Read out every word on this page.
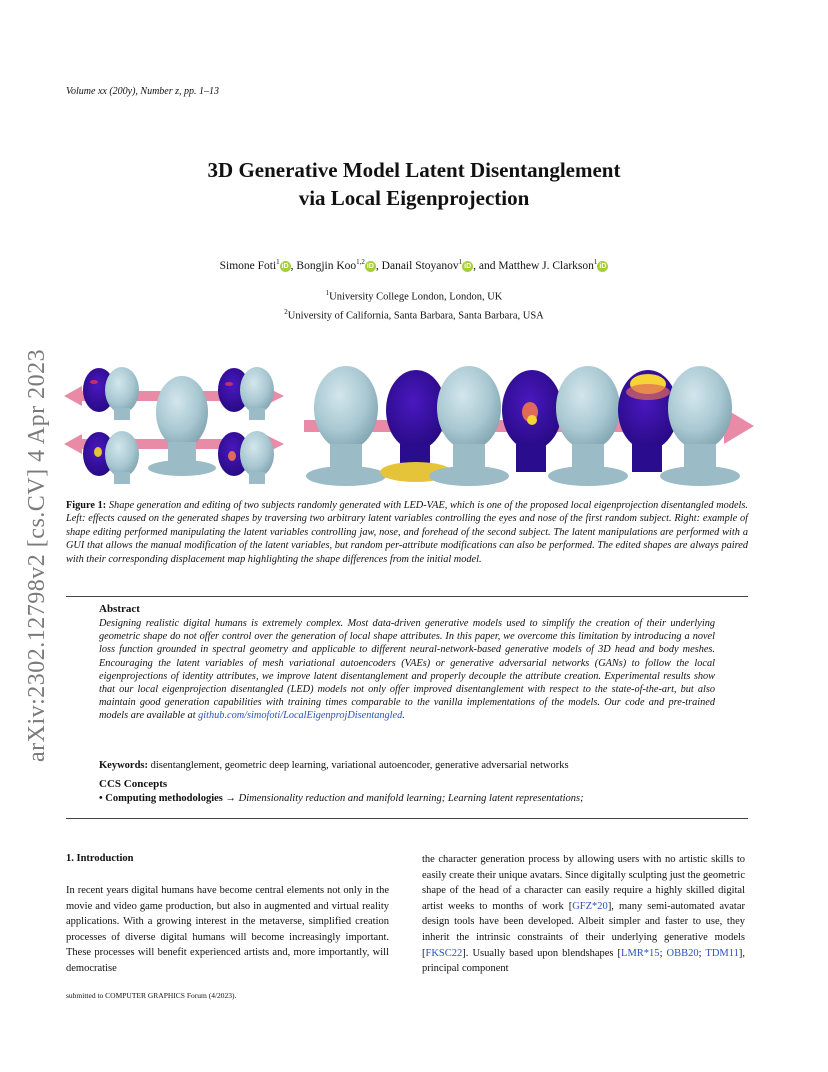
Volume xx (200y), Number z, pp. 1–13
3D Generative Model Latent Disentanglement
via Local Eigenprojection
Simone Foti$^1$iD , Bongjin Koo$^{1,2}$iD , Danail Stoyanov$^1$iD , and Matthew J. Clarkson$^1$iD
$^1$University College London, London, UK
$^2$University of California, Santa Barbara, Santa Barbara, USA
arXiv:2302.12798v2 [cs.CV] 4 Apr 2023 Figure 1: Shape generation and editing of two subjects randomly generated with LED-VAE, which is one of the proposed local eigenprojection disentangled models. Left: effects caused on the generated shapes by traversing two arbitrary latent variables controlling the eyes and nose of the first random subject. Right: example of shape editing performed manipulating the latent variables controlling jaw, nose, and forehead of the second subject. The latent manipulations are performed with a GUI that allows the manual modification of the latent variables, but random per-attribute modifications can also be performed. The edited shapes are always paired with their corresponding displacement map highlighting the shape differences from the initial model.
Abstract
Designing realistic digital humans is extremely complex. Most data-driven generative models used to simplify the creation of their underlying geometric shape do not offer control over the generation of local shape attributes. In this paper, we overcome this limitation by introducing a novel loss function grounded in spectral geometry and applicable to different neural-network-based generative models of 3D head and body meshes. Encouraging the latent variables of mesh variational autoencoders (VAEs) or generative adversarial networks (GANs) to follow the local eigenprojections of identity attributes, we improve latent disentanglement and properly decouple the attribute creation. Experimental results show that our local eigenprojection disentangled (LED) models not only offer improved disentanglement with respect to the state-of-the-art, but also maintain good generation capabilities with training times comparable to the vanilla implementations of the models. Our code and pre-trained models are available at github.com/simofoti/LocalEigenprojDisentangled.
Keywords: disentanglement, geometric deep learning, variational autoencoder, generative adversarial networks
CCS Concepts
• Computing methodologies → Dimensionality reduction and manifold learning; Learning latent representations;
1. Introduction
In recent years digital humans have become central elements not only in the movie and video game production, but also in augmented and virtual reality applications. With a growing interest in the metaverse, simplified creation processes of diverse digital humans will become increasingly important. These processes will benefit experienced artists and, more importantly, will democratise
the character generation process by allowing users with no artistic skills to easily create their unique avatars. Since digitally sculpting just the geometric shape of the head of a character can easily require a highly skilled digital artist weeks to months of work [GFZ*20], many semi-automated avatar design tools have been developed. Albeit simpler and faster to use, they inherit the intrinsic constraints of their underlying generative models [FKSC22]. Usually based upon blendshapes [LMR*15; OBB20; TDM11], principal component
submitted to COMPUTER GRAPHICS Forum (4/2023).
